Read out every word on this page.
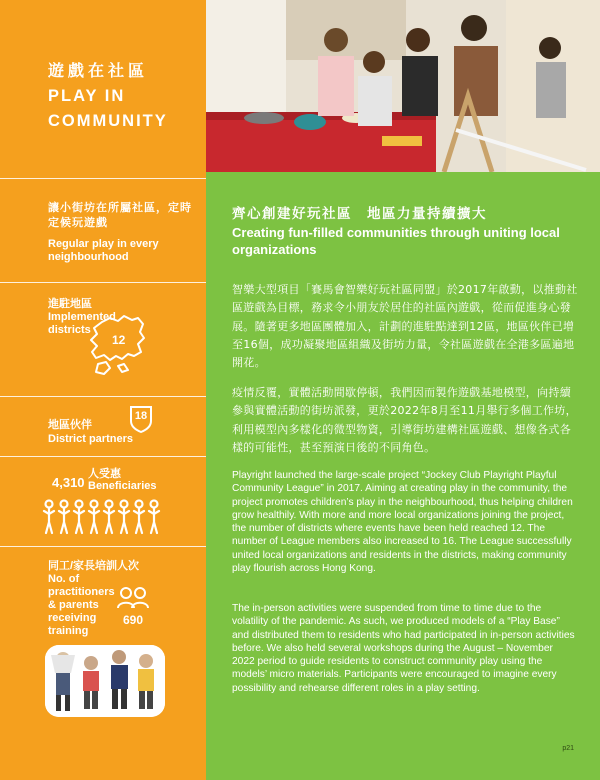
遊戲在社區
PLAY IN COMMUNITY
讓小街坊在所屬社區，定時定候玩遊戲
Regular play in every neighbourhood
進駐地區
Implemented districts
12
18
地區伙伴
District partners
4,310
人受惠
Beneficiaries
同工/家長培訓人次
No. of practitioners & parents receiving training
690
齊心創建好玩社區　地區力量持續擴大
Creating fun-filled communities through uniting local organizations
智樂大型項目「賽馬會智樂好玩社區同盟」於2017年啟動，以推動社區遊戲為目標，務求令小朋友於居住的社區內遊戲，從而促進身心發展。隨著更多地區團體加入，計劃的進駐點達到12區，地區伙伴已增至16個，成功凝聚地區組織及街坊力量，令社區遊戲在全港多區遍地開花。
疫情反覆，實體活動間歇停頓，我們因而製作遊戲基地模型，向持續參與實體活動的街坊派發，更於2022年8月至11月舉行多個工作坊，利用模型內多樣化的微型物資，引導街坊建構社區遊戲、想像各式各樣的可能性，甚至預演日後的不同角色。
Playright launched the large-scale project “Jockey Club Playright Playful Community League” in 2017. Aiming at creating play in the community, the project promotes children’s play in the neighbourhood, thus helping children grow healthily. With more and more local organizations joining the project, the number of districts where events have been held reached 12. The number of League members also increased to 16. The League successfully united local organizations and residents in the districts, making community play flourish across Hong Kong.
The in-person activities were suspended from time to time due to the volatility of the pandemic. As such, we produced models of a “Play Base” and distributed them to residents who had participated in in-person activities before. We also held several workshops during the August – November 2022 period to guide residents to construct community play using the models’ micro materials. Participants were encouraged to imagine every possibility and rehearse different roles in a play setting.
p21
